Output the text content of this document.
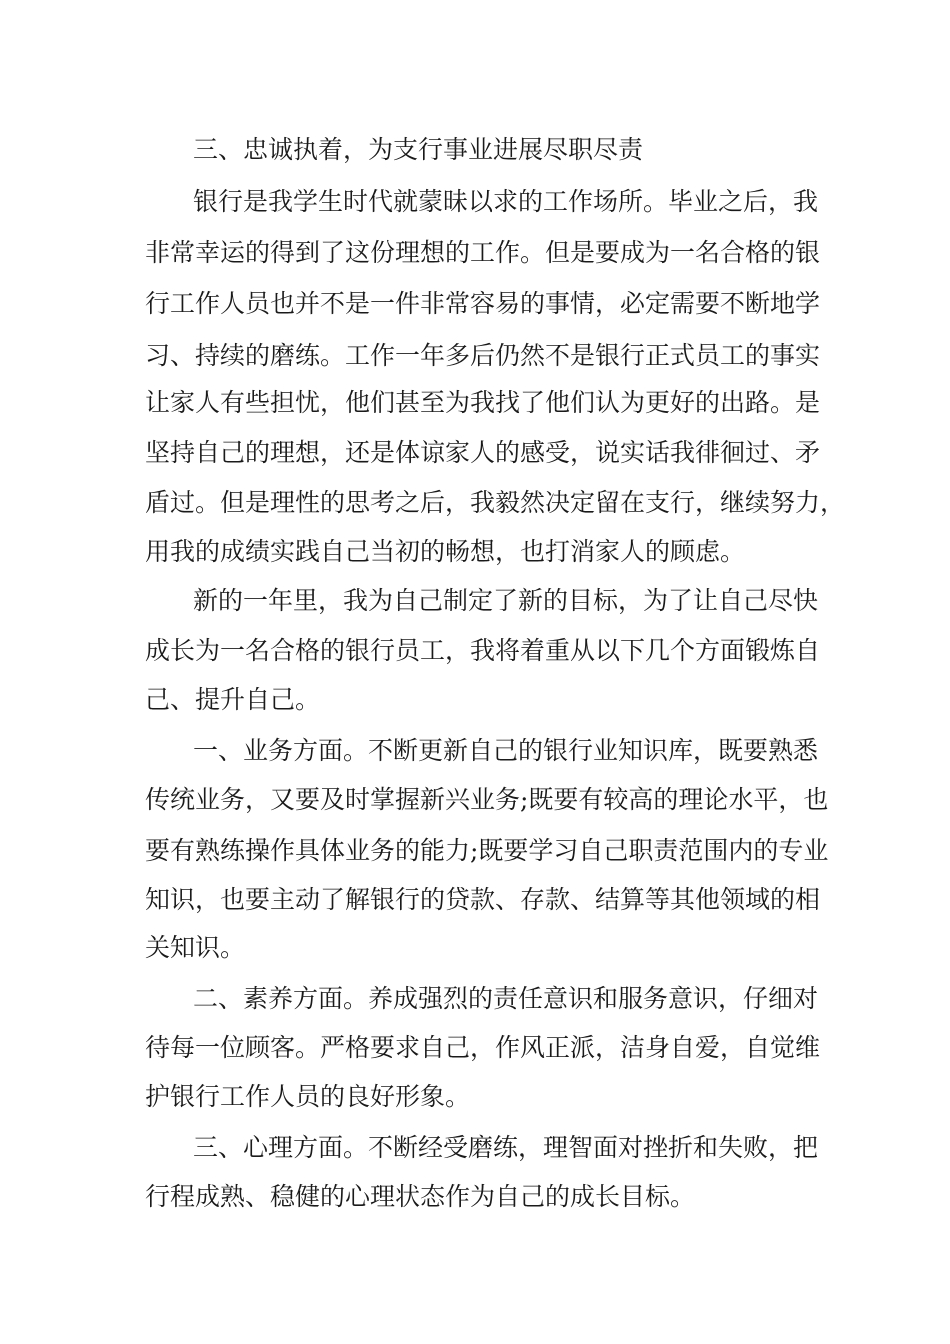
三、忠诚执着，为支行事业进展尽职尽责
银行是我学生时代就蒙昧以求的工作场所。毕业之后，我
非常幸运的得到了这份理想的工作。但是要成为一名合格的银
行工作人员也并不是一件非常容易的事情，必定需要不断地学
习、持续的磨练。工作一年多后仍然不是银行正式员工的事实
让家人有些担忧，他们甚至为我找了他们认为更好的出路。是
坚持自己的理想，还是体谅家人的感受，说实话我徘徊过、矛
盾过。但是理性的思考之后，我毅然决定留在支行，继续努力，
用我的成绩实践自己当初的畅想，也打消家人的顾虑。
新的一年里，我为自己制定了新的目标，为了让自己尽快
成长为一名合格的银行员工，我将着重从以下几个方面锻炼自
己、提升自己。
一、业务方面。不断更新自己的银行业知识库，既要熟悉
传统业务，又要及时掌握新兴业务;既要有较高的理论水平，也
要有熟练操作具体业务的能力;既要学习自己职责范围内的专业
知识，也要主动了解银行的贷款、存款、结算等其他领域的相
关知识。
二、素养方面。养成强烈的责任意识和服务意识，仔细对
待每一位顾客。严格要求自己，作风正派，洁身自爱，自觉维
护银行工作人员的良好形象。
三、心理方面。不断经受磨练，理智面对挫折和失败，把
行程成熟、稳健的心理状态作为自己的成长目标。
